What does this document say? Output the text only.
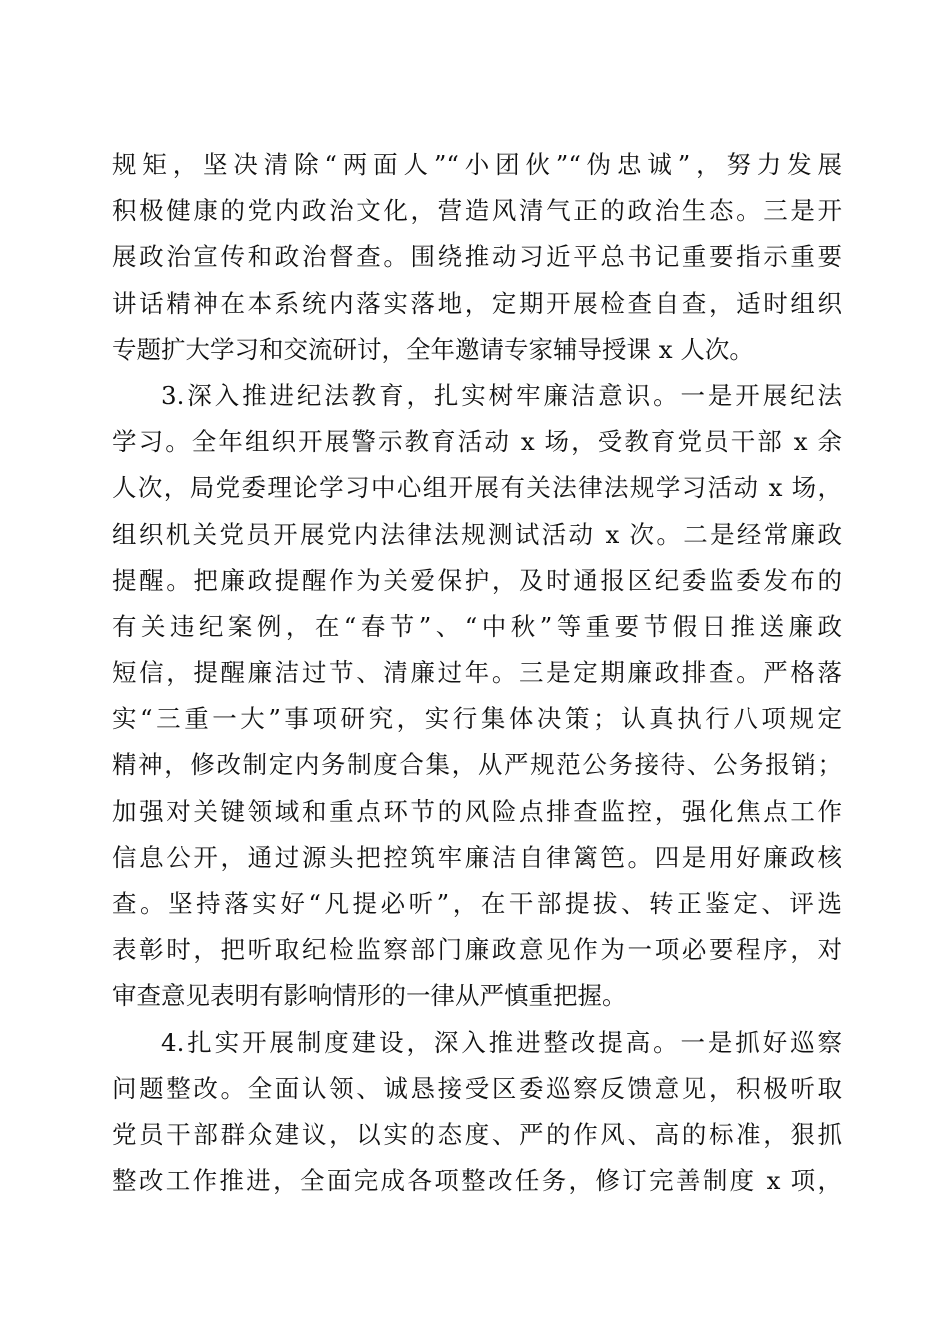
规矩，坚决清除“两面人”“小团伙”“伪忠诚”，努力发展
积极健康的党内政治文化，营造风清气正的政治生态。三是开
展政治宣传和政治督查。围绕推动习近平总书记重要指示重要
讲话精神在本系统内落实落地，定期开展检查自查，适时组织
专题扩大学习和交流研讨，全年邀请专家辅导授课 x 人次。
3.深入推进纪法教育，扎实树牢廉洁意识。一是开展纪法
学习。全年组织开展警示教育活动 x 场，受教育党员干部 x 余
人次，局党委理论学习中心组开展有关法律法规学习活动 x 场，
组织机关党员开展党内法律法规测试活动 x 次。二是经常廉政
提醒。把廉政提醒作为关爱保护，及时通报区纪委监委发布的
有关违纪案例，在“春节”、“中秋”等重要节假日推送廉政
短信，提醒廉洁过节、清廉过年。三是定期廉政排查。严格落
实“三重一大”事项研究，实行集体决策；认真执行八项规定
精神，修改制定内务制度合集，从严规范公务接待、公务报销；
加强对关键领域和重点环节的风险点排查监控，强化焦点工作
信息公开，通过源头把控筑牢廉洁自律篱笆。四是用好廉政核
查。坚持落实好“凡提必听”，在干部提拔、转正鉴定、评选
表彰时，把听取纪检监察部门廉政意见作为一项必要程序，对
审查意见表明有影响情形的一律从严慎重把握。
4.扎实开展制度建设，深入推进整改提高。一是抓好巡察
问题整改。全面认领、诚恳接受区委巡察反馈意见，积极听取
党员干部群众建议，以实的态度、严的作风、高的标准，狠抓
整改工作推进，全面完成各项整改任务，修订完善制度 x 项，
